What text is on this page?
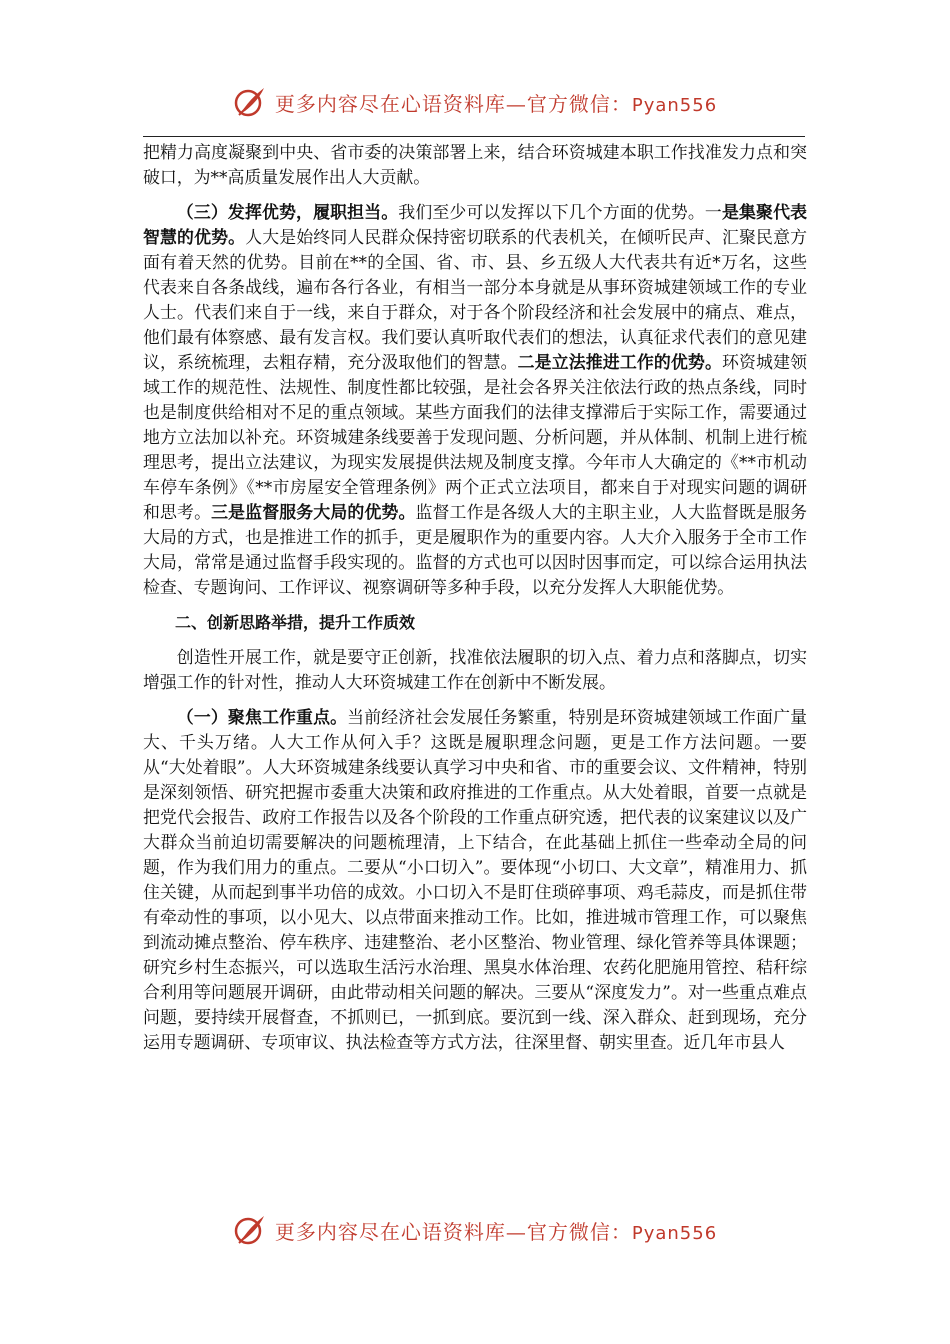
更多内容尽在心语资料库—官方微信：Pyan556

把精力高度凝聚到中央、省市委的决策部署上来，结合环资城建本职工作找准发力点和突破口，为**高质量发展作出人大贡献。

（三）发挥优势，履职担当。我们至少可以发挥以下几个方面的优势。一是集聚代表智慧的优势。人大是始终同人民群众保持密切联系的代表机关，在倾听民声、汇聚民意方面有着天然的优势。目前在**的全国、省、市、县、乡五级人大代表共有近*万名，这些代表来自各条战线，遍布各行各业，有相当一部分本身就是从事环资城建领域工作的专业人士。代表们来自于一线，来自于群众，对于各个阶段经济和社会发展中的痛点、难点，他们最有体察感、最有发言权。我们要认真听取代表们的想法，认真征求代表们的意见建议，系统梳理，去粗存精，充分汲取他们的智慧。二是立法推进工作的优势。环资城建领域工作的规范性、法规性、制度性都比较强，是社会各界关注依法行政的热点条线，同时也是制度供给相对不足的重点领域。某些方面我们的法律支撑滞后于实际工作，需要通过地方立法加以补充。环资城建条线要善于发现问题、分析问题，并从体制、机制上进行梳理思考，提出立法建议，为现实发展提供法规及制度支撑。今年市人大确定的《**市机动车停车条例》《**市房屋安全管理条例》两个正式立法项目，都来自于对现实问题的调研和思考。三是监督服务大局的优势。监督工作是各级人大的主职主业，人大监督既是服务大局的方式，也是推进工作的抓手，更是履职作为的重要内容。人大介入服务于全市工作大局，常常是通过监督手段实现的。监督的方式也可以因时因事而定，可以综合运用执法检查、专题询问、工作评议、视察调研等多种手段，以充分发挥人大职能优势。

二、创新思路举措，提升工作质效

创造性开展工作，就是要守正创新，找准依法履职的切入点、着力点和落脚点，切实增强工作的针对性，推动人大环资城建工作在创新中不断发展。

（一）聚焦工作重点。当前经济社会发展任务繁重，特别是环资城建领域工作面广量大、千头万绪。人大工作从何入手？这既是履职理念问题，更是工作方法问题。一要从“大处着眼”。人大环资城建条线要认真学习中央和省、市的重要会议、文件精神，特别是深刻领悟、研究把握市委重大决策和政府推进的工作重点。从大处着眼，首要一点就是把党代会报告、政府工作报告以及各个阶段的工作重点研究透，把代表的议案建议以及广大群众当前迫切需要解决的问题梳理清，上下结合，在此基础上抓住一些牵动全局的问题，作为我们用力的重点。二要从“小口切入”。要体现“小切口、大文章”，精准用力、抓住关键，从而起到事半功倍的成效。小口切入不是盯住琐碎事项、鸡毛蒜皮，而是抓住带有牵动性的事项，以小见大、以点带面来推动工作。比如，推进城市管理工作，可以聚焦到流动摊点整治、停车秩序、违建整治、老小区整治、物业管理、绿化管养等具体课题；研究乡村生态振兴，可以选取生活污水治理、黑臭水体治理、农药化肥施用管控、秸秆综合利用等问题展开调研，由此带动相关问题的解决。三要从“深度发力”。对一些重点难点问题，要持续开展督查，不抓则已，一抓到底。要沉到一线、深入群众、赶到现场，充分运用专题调研、专项审议、执法检查等方式方法，往深里督、朝实里查。近几年市县人

更多内容尽在心语资料库—官方微信：Pyan556
